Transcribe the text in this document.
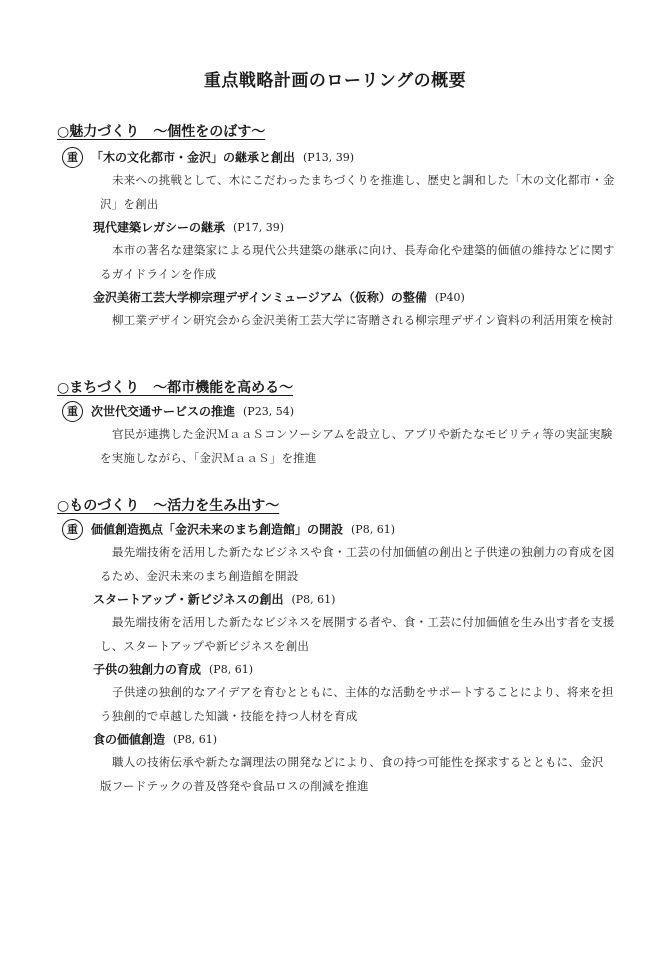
重点戦略計画のローリングの概要
○魅力づくり　～個性をのばす～
重 「木の文化都市・金沢」の継承と創出 (P13, 39)
未来への挑戦として、木にこだわったまちづくりを推進し、歴史と調和した「木の文化都市・金沢」を創出
現代建築レガシーの継承 (P17, 39)
本市の著名な建築家による現代公共建築の継承に向け、長寿命化や建築的価値の維持などに関するガイドラインを作成
金沢美術工芸大学柳宗理デザインミュージアム（仮称）の整備 (P40)
柳工業デザイン研究会から金沢美術工芸大学に寄贈される柳宗理デザイン資料の利活用策を検討
○まちづくり　～都市機能を高める～
重 次世代交通サービスの推進 (P23, 54)
官民が連携した金沢ＭａａＳコンソーシアムを設立し、アプリや新たなモビリティ等の実証実験を実施しながら、「金沢ＭａａＳ」を推進
○ものづくり　～活力を生み出す～
重 価値創造拠点「金沢未来のまち創造館」の開設 (P8, 61)
最先端技術を活用した新たなビジネスや食・工芸の付加価値の創出と子供達の独創力の育成を図るため、金沢未来のまち創造館を開設
スタートアップ・新ビジネスの創出 (P8, 61)
最先端技術を活用した新たなビジネスを展開する者や、食・工芸に付加価値を生み出す者を支援し、スタートアップや新ビジネスを創出
子供の独創力の育成 (P8, 61)
子供達の独創的なアイデアを育むとともに、主体的な活動をサポートすることにより、将来を担う独創的で卓越した知識・技能を持つ人材を育成
食の価値創造 (P8, 61)
職人の技術伝承や新たな調理法の開発などにより、食の持つ可能性を探求するとともに、金沢版フードテックの普及啓発や食品ロスの削減を推進
